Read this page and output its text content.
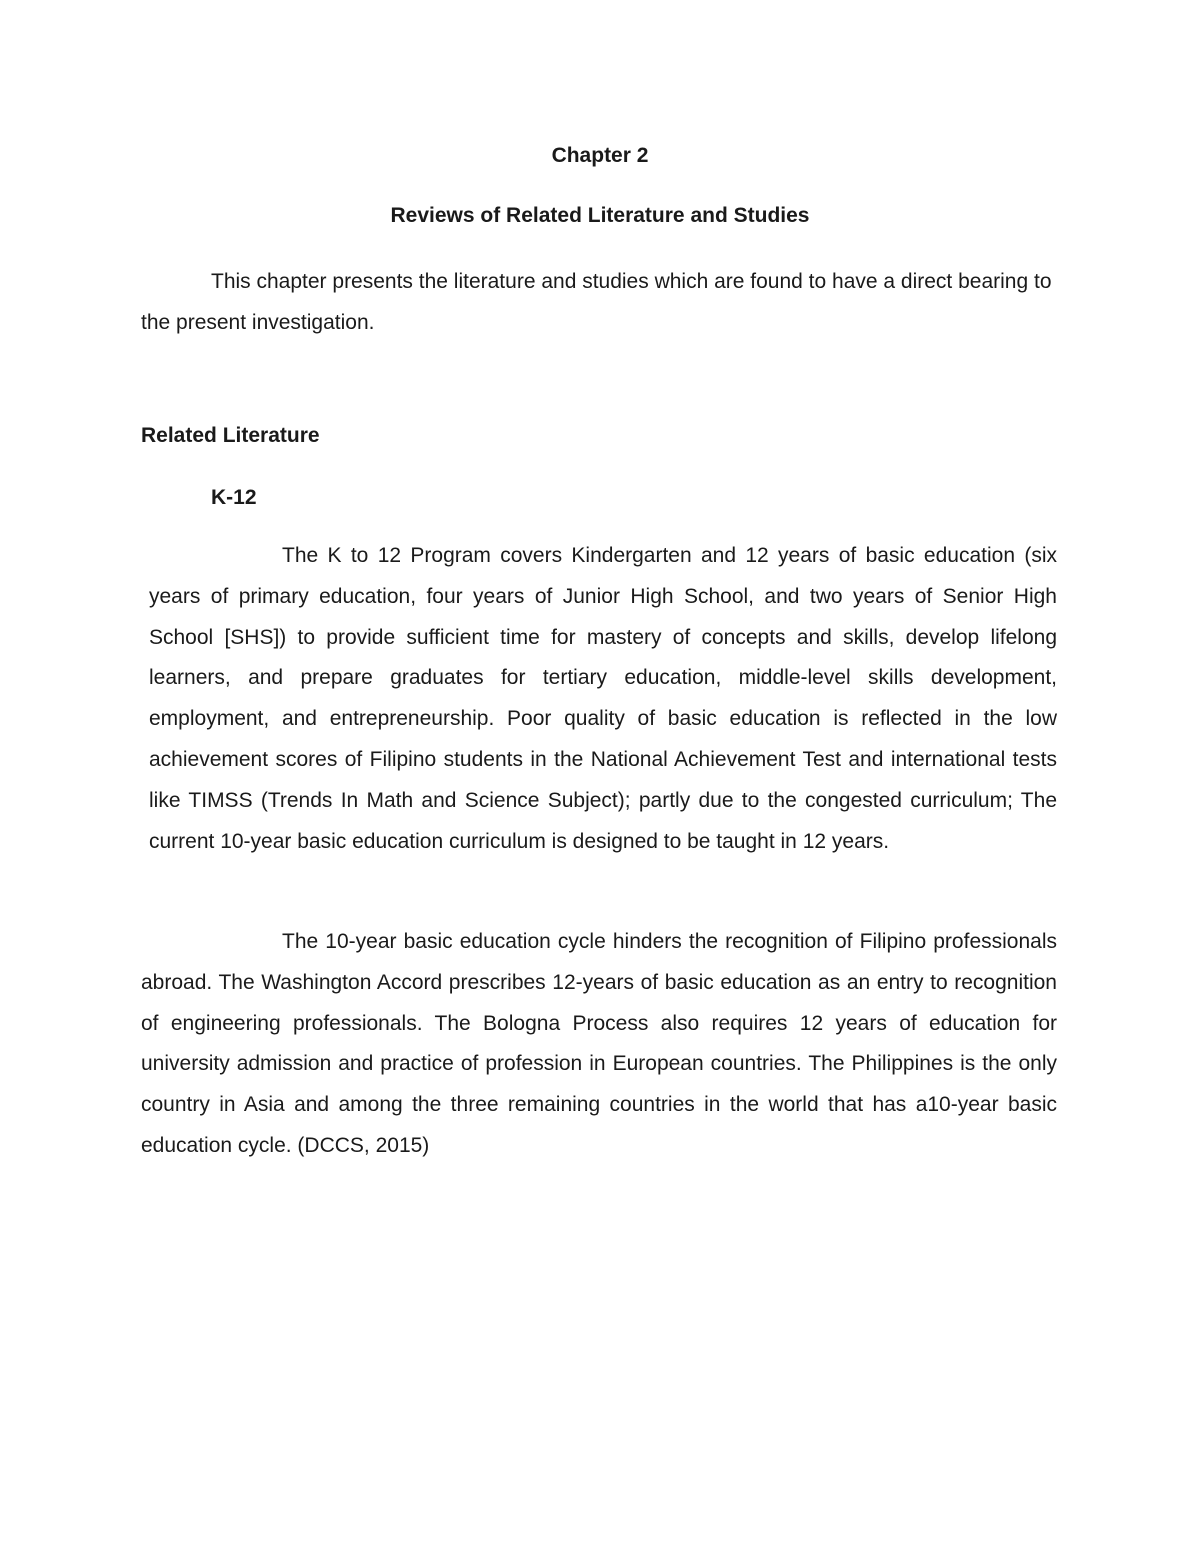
Chapter 2
Reviews of Related Literature and Studies

This chapter presents the literature and studies which are found to have a direct bearing to the present investigation.

Related Literature
K-12

The K to 12 Program covers Kindergarten and 12 years of basic education (six years of primary education, four years of Junior High School, and two years of Senior High School [SHS]) to provide sufficient time for mastery of concepts and skills, develop lifelong learners, and prepare graduates for tertiary education, middle-level skills development, employment, and entrepreneurship. Poor quality of basic education is reflected in the low achievement scores of Filipino students in the National Achievement Test and international tests like TIMSS (Trends In Math and Science Subject); partly due to the congested curriculum; The current 10-year basic education curriculum is designed to be taught in 12 years.

The 10-year basic education cycle hinders the recognition of Filipino professionals abroad. The Washington Accord prescribes 12-years of basic education as an entry to recognition of engineering professionals. The Bologna Process also requires 12 years of education for university admission and practice of profession in European countries. The Philippines is the only country in Asia and among the three remaining countries in the world that has a10-year basic education cycle. (DCCS, 2015)
